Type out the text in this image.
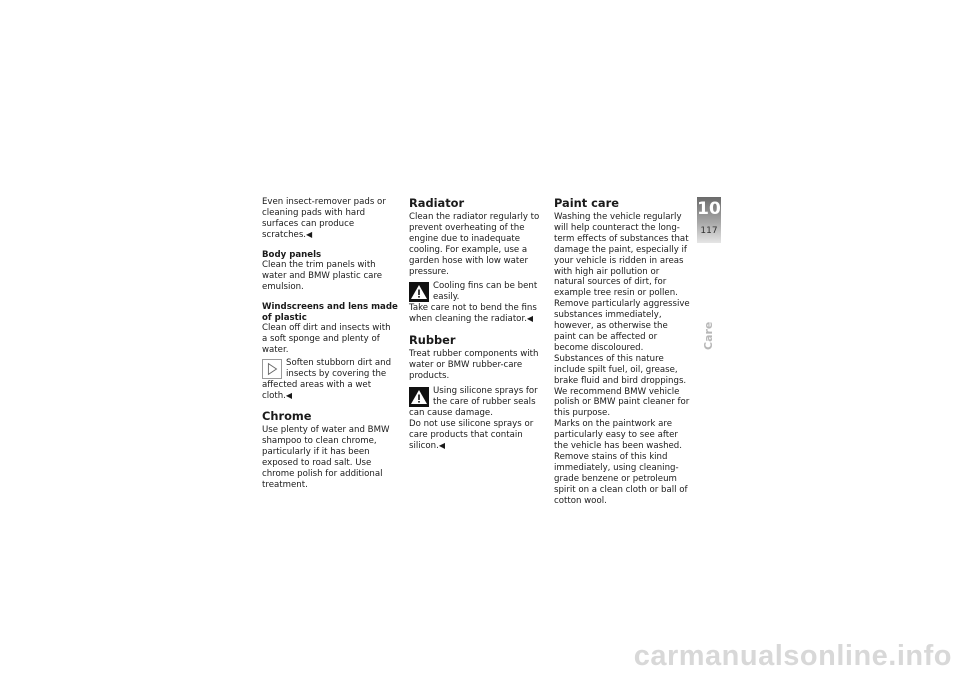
Even insect-remover pads or cleaning pads with hard surfaces can produce scratches.◀

Body panels

Clean the trim panels with water and BMW plastic care emulsion.

Windscreens and lens made of plastic

Clean off dirt and insects with a soft sponge and plenty of water.

Soften stubborn dirt and insects by covering the affected areas with a wet cloth.◀
Chrome

Use plenty of water and BMW shampoo to clean chrome, particularly if it has been exposed to road salt. Use chrome polish for additional treatment.

Radiator

Clean the radiator regularly to prevent overheating of the engine due to inadequate cooling. For example, use a garden hose with low water pressure.

Cooling fins can be bent easily.

Take care not to bend the fins when cleaning the radiator.◀

Rubber

Treat rubber components with water or BMW rubber-care products.

Using silicone sprays for the care of rubber seals can cause damage.

Do not use silicone sprays or care products that contain silicon.◀

Paint care

Washing the vehicle regularly will help counteract the long-term effects of substances that damage the paint, especially if your vehicle is ridden in areas with high air pollution or natural sources of dirt, for example tree resin or pollen.

Remove particularly aggressive substances immediately, however, as otherwise the paint can be affected or become discoloured. Substances of this nature include spilt fuel, oil, grease, brake fluid and bird droppings.

We recommend BMW vehicle polish or BMW paint cleaner for this purpose.

Marks on the paintwork are particularly easy to see after the vehicle has been washed. Remove stains of this kind immediately, using cleaning-grade benzene or petroleum spirit on a clean cloth or ball of cotton wool.

10
117
Care
carmanualsonline.info
